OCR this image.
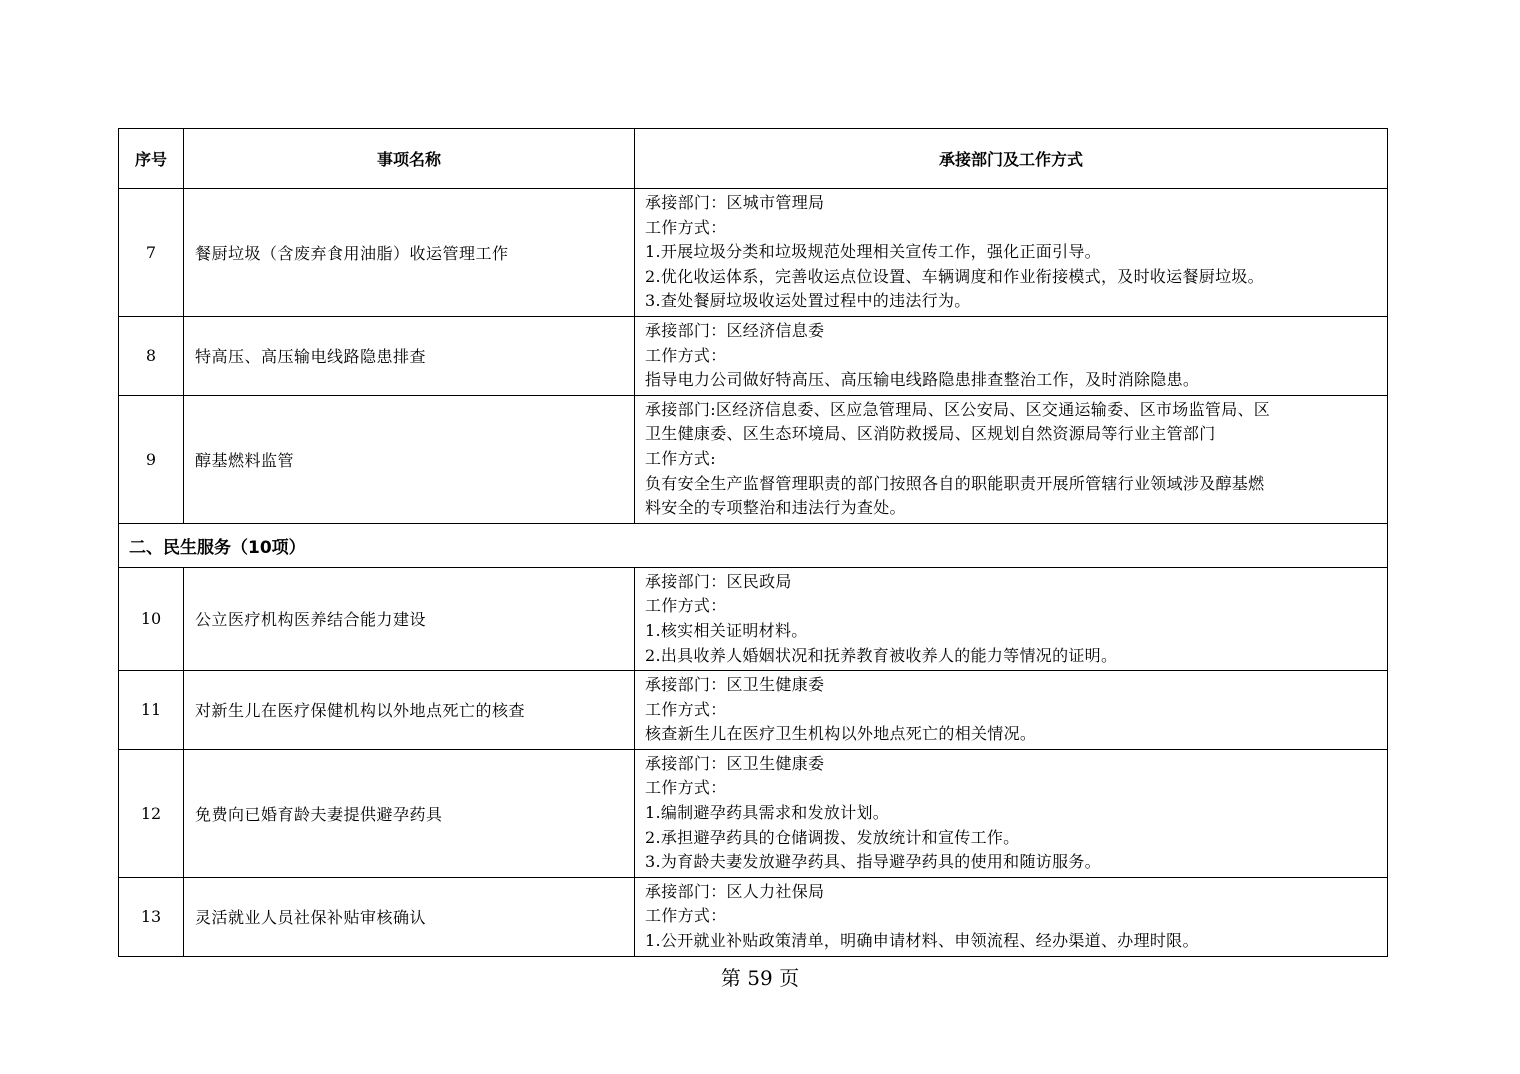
序号	事项名称	承接部门及工作方式
7	餐厨垃圾（含废弃食用油脂）收运管理工作	承接部门：区城市管理局
工作方式：
1.开展垃圾分类和垃圾规范处理相关宣传工作，强化正面引导。
2.优化收运体系，完善收运点位设置、车辆调度和作业衔接模式，及时收运餐厨垃圾。
3.查处餐厨垃圾收运处置过程中的违法行为。

8	特高压、高压输电线路隐患排查	承接部门：区经济信息委
工作方式：
指导电力公司做好特高压、高压输电线路隐患排查整治工作，及时消除隐患。

9	醇基燃料监管	承接部门:区经济信息委、区应急管理局、区公安局、区交通运输委、区市场监管局、区
卫生健康委、区生态环境局、区消防救援局、区规划自然资源局等行业主管部门
工作方式:
负有安全生产监督管理职责的部门按照各自的职能职责开展所管辖行业领域涉及醇基燃
料安全的专项整治和违法行为查处。

二、民生服务（10项）		
10	公立医疗机构医养结合能力建设	承接部门：区民政局
工作方式：
1.核实相关证明材料。
2.出具收养人婚姻状况和抚养教育被收养人的能力等情况的证明。

11	对新生儿在医疗保健机构以外地点死亡的核查	承接部门：区卫生健康委
工作方式：
核查新生儿在医疗卫生机构以外地点死亡的相关情况。

12	免费向已婚育龄夫妻提供避孕药具	承接部门：区卫生健康委
工作方式：
1.编制避孕药具需求和发放计划。
2.承担避孕药具的仓储调拨、发放统计和宣传工作。
3.为育龄夫妻发放避孕药具、指导避孕药具的使用和随访服务。

13	灵活就业人员社保补贴审核确认	承接部门：区人力社保局
工作方式：
1.公开就业补贴政策清单，明确申请材料、申领流程、经办渠道、办理时限。
第 59 页
